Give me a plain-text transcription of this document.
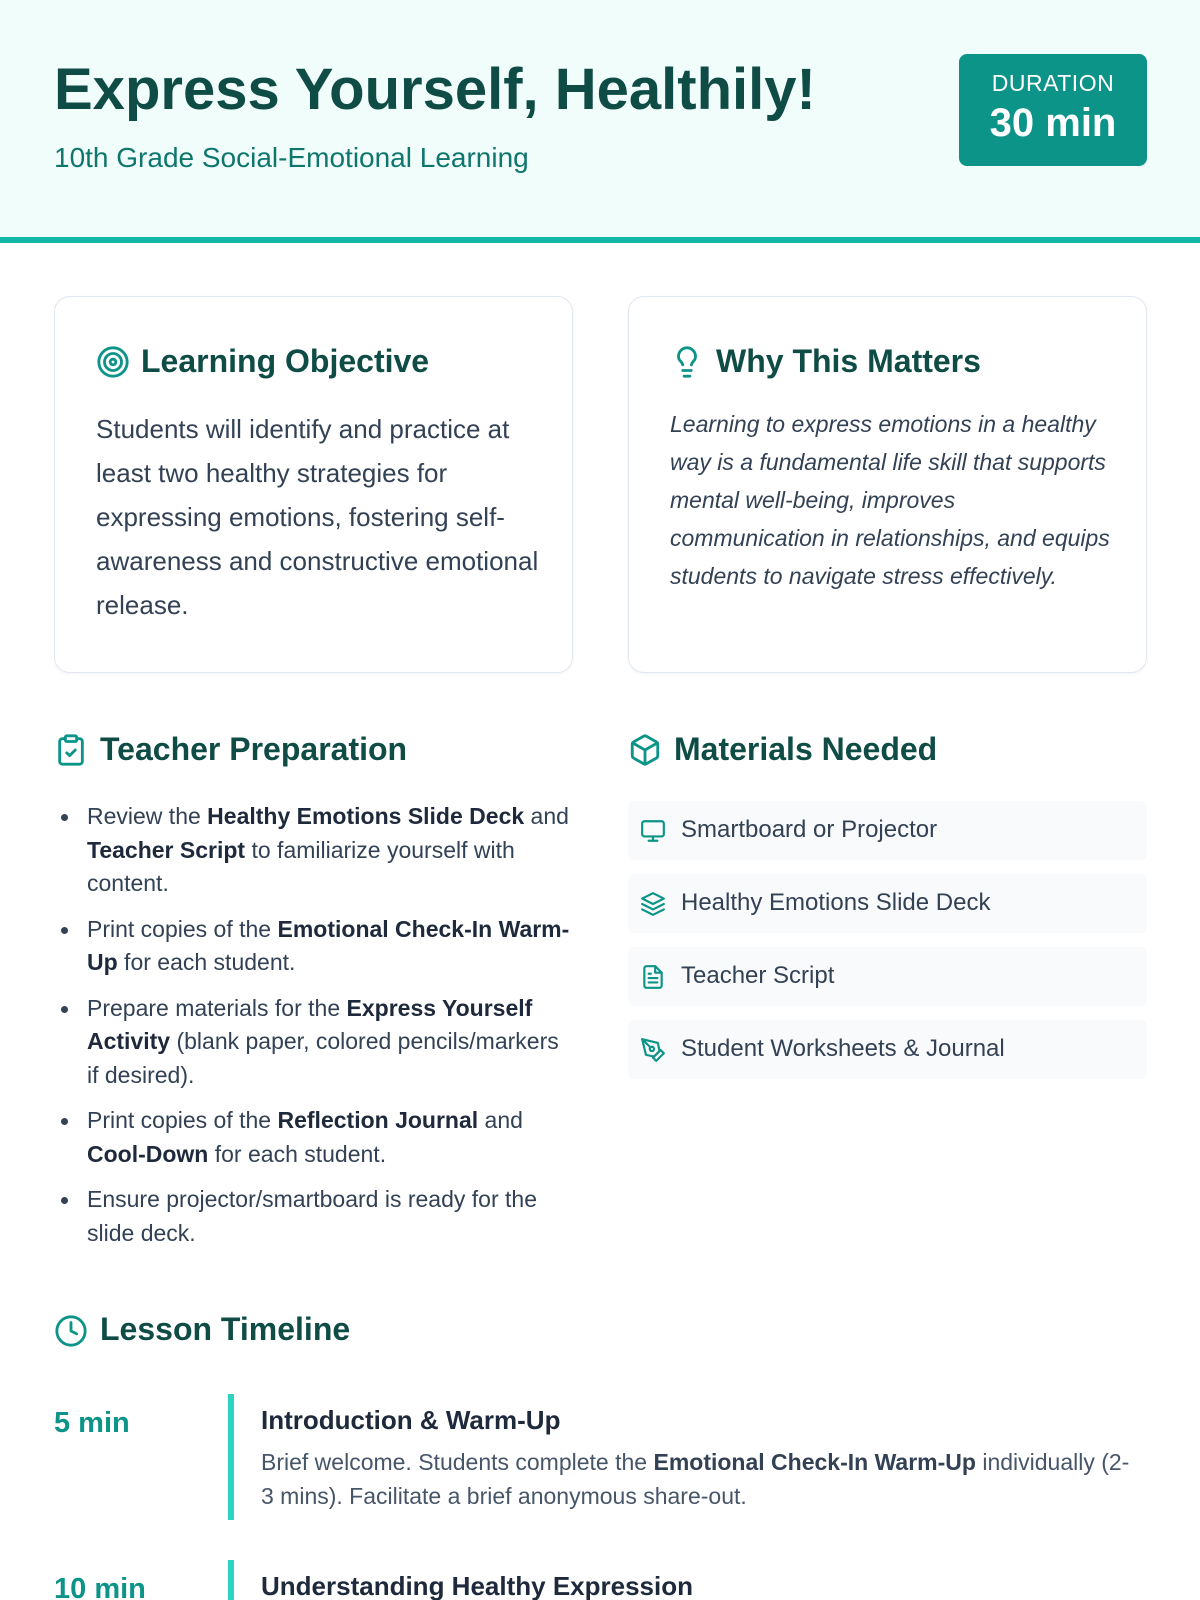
Express Yourself, Healthily!
10th Grade Social-Emotional Learning
DURATION
30 min
Learning Objective

Students will identify and practice at least two healthy strategies for expressing emotions, fostering self-awareness and constructive emotional release.

Why This Matters

Learning to express emotions in a healthy way is a fundamental life skill that supports mental well-being, improves communication in relationships, and equips students to navigate stress effectively.

Teacher Preparation
Review the Healthy Emotions Slide Deck and Teacher Script to familiarize yourself with content.
Print copies of the Emotional Check-In Warm-Up for each student.
Prepare materials for the Express Yourself Activity (blank paper, colored pencils/markers if desired).
Print copies of the Reflection Journal and Cool-Down for each student.
Ensure projector/smartboard is ready for the slide deck.
Materials Needed
Smartboard or Projector
Healthy Emotions Slide Deck
Teacher Script
Student Worksheets & Journal
Lesson Timeline
5 min	Introduction & Warm-Up

Brief welcome. Students complete the Emotional Check-In Warm-Up individually (2-3 mins). Facilitate a brief anonymous share-out.

10 min	Understanding Healthy Expression
